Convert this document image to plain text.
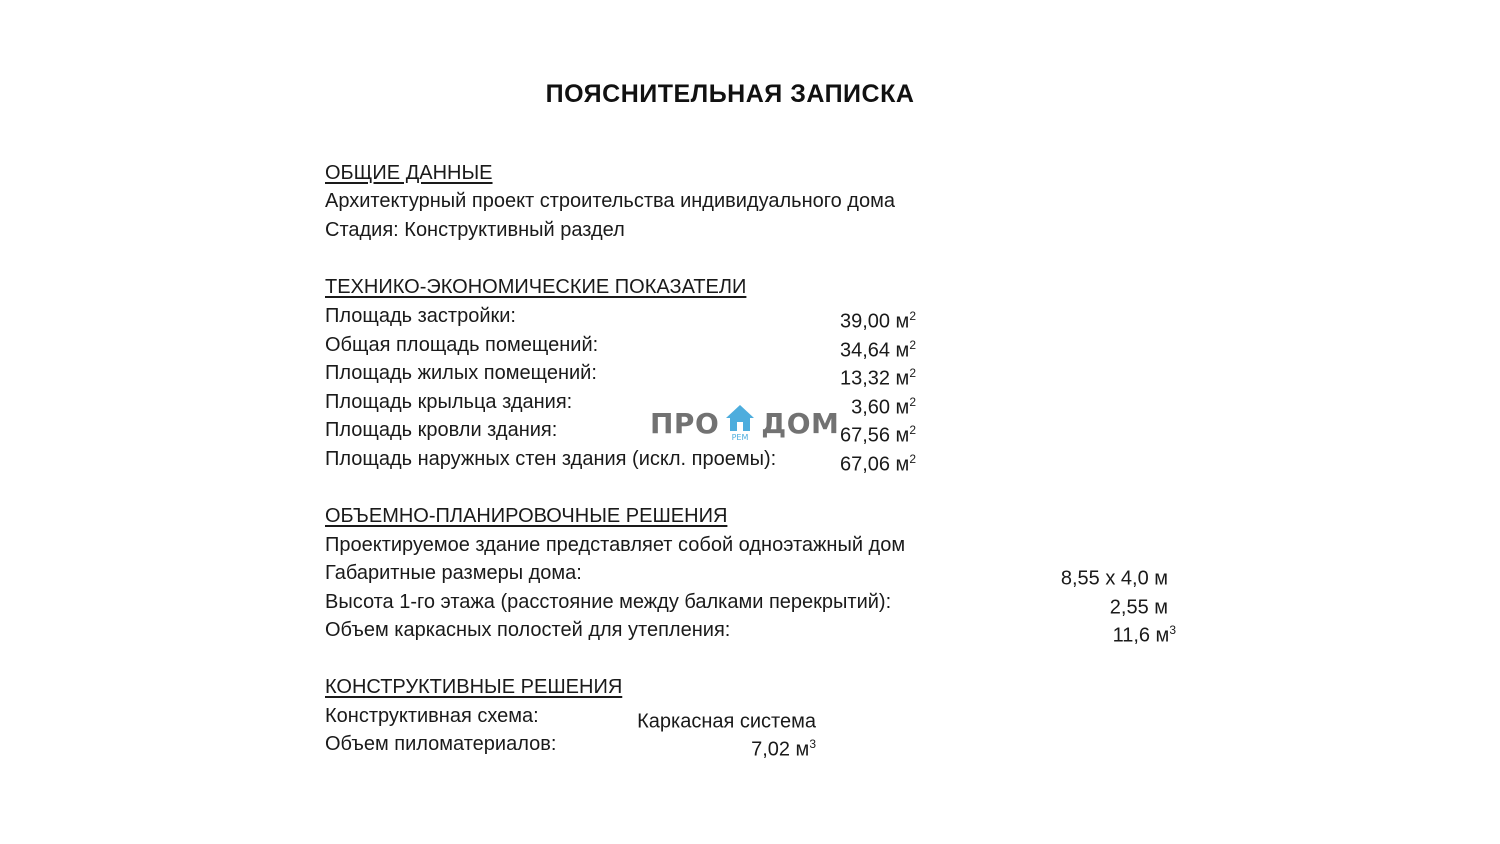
ПОЯСНИТЕЛЬНАЯ ЗАПИСКА
ОБЩИЕ ДАННЫЕ
Архитектурный проект строительства индивидуального дома
Стадия: Конструктивный раздел
ТЕХНИКО-ЭКОНОМИЧЕСКИЕ ПОКАЗАТЕЛИ
Площадь застройки:	39,00 $м^2$
Общая площадь помещений:	34,64 $м^2$
Площадь жилых помещений:	13,32 $м^2$
Площадь крыльца здания:	3,60 $м^2$
Площадь кровли здания:	67,56 $м^2$
Площадь наружных стен здания (искл. проемы):	67,06 $м^2$
ОБЪЕМНО-ПЛАНИРОВОЧНЫЕ РЕШЕНИЯ
Проектируемое здание представляет собой одноэтажный дом
Габаритные размеры дома:	8,55 х 4,0 м
Высота 1-го этажа (расстояние между балками перекрытий):	2,55 м
Объем каркасных полостей для утепления:	11,6 $м^3$
КОНСТРУКТИВНЫЕ РЕШЕНИЯ
Конструктивная схема:	Каркасная система
Объем пиломатериалов:	7,02 $м^3$
ПРО РЕМ ДОМ
